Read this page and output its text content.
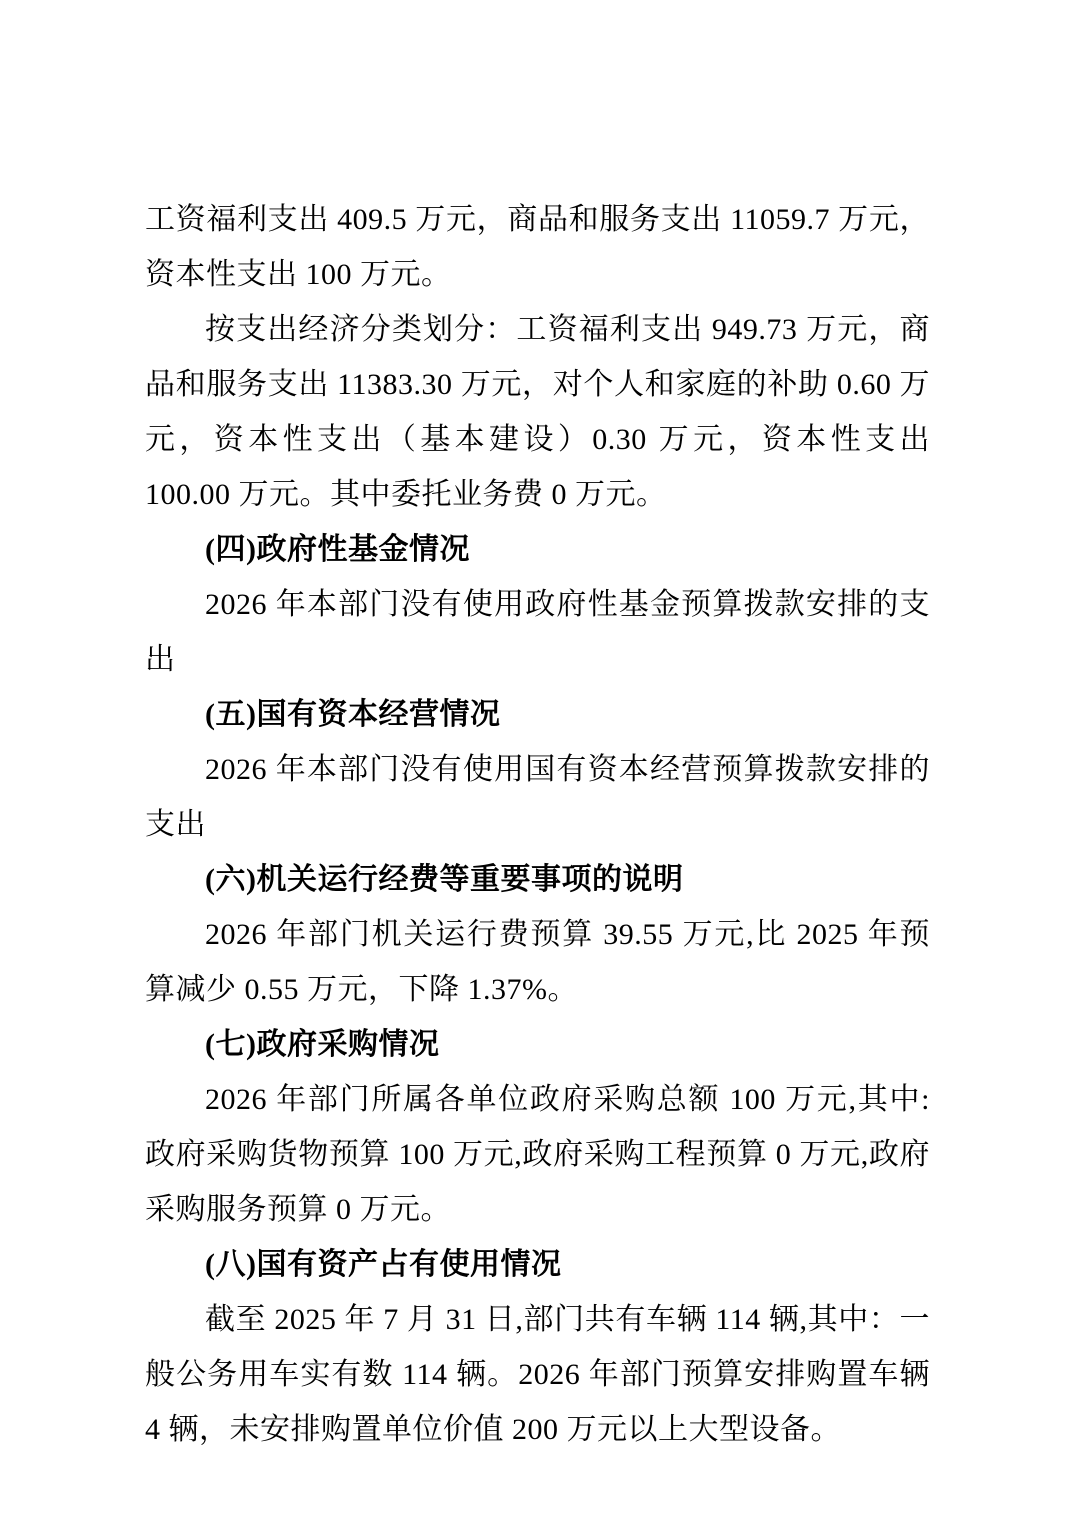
工资福利支出 409.5 万元，商品和服务支出 11059.7 万元，资本性支出 100 万元。

按支出经济分类划分：工资福利支出 949.73 万元，商品和服务支出 11383.30 万元，对个人和家庭的补助 0.60 万元，资本性支出（基本建设）0.30 万元，资本性支出 100.00 万元。其中委托业务费 0 万元。

(四)政府性基金情况

2026 年本部门没有使用政府性基金预算拨款安排的支出

(五)国有资本经营情况

2026 年本部门没有使用国有资本经营预算拨款安排的支出

(六)机关运行经费等重要事项的说明

2026 年部门机关运行费预算 39.55 万元,比 2025 年预算减少 0.55 万元，下降 1.37%。

(七)政府采购情况

2026 年部门所属各单位政府采购总额 100 万元,其中:政府采购货物预算 100 万元,政府采购工程预算 0 万元,政府采购服务预算 0 万元。

(八)国有资产占有使用情况

截至 2025 年 7 月 31 日,部门共有车辆 114 辆,其中：一般公务用车实有数 114 辆。2026 年部门预算安排购置车辆 4 辆，未安排购置单位价值 200 万元以上大型设备。
